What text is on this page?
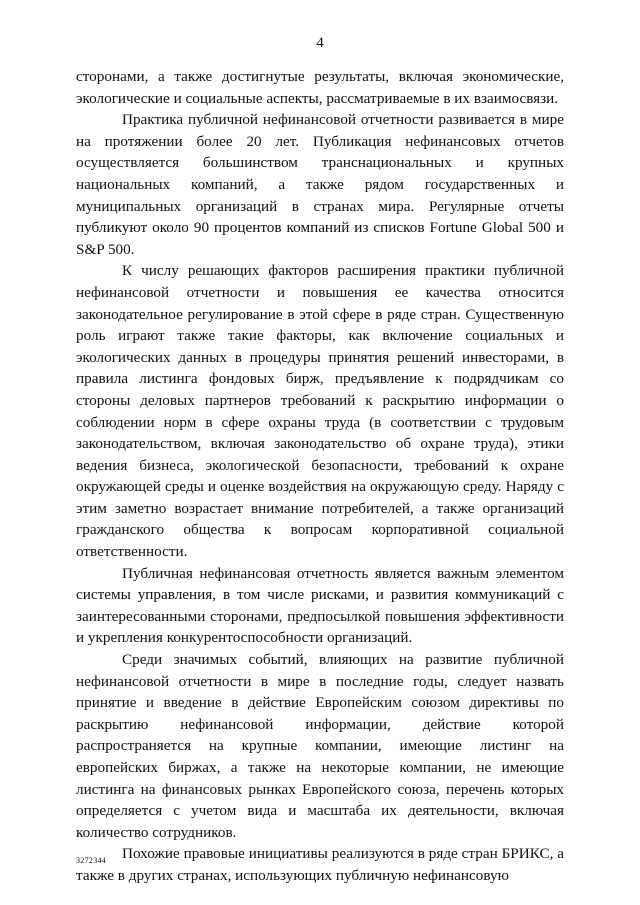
4

сторонами, а также достигнутые результаты, включая экономические, экологические и социальные аспекты, рассматриваемые в их взаимосвязи.

Практика публичной нефинансовой отчетности развивается в мире на протяжении более 20 лет. Публикация нефинансовых отчетов осуществляется большинством транснациональных и крупных национальных компаний, а также рядом государственных и муниципальных организаций в странах мира. Регулярные отчеты публикуют около 90 процентов компаний из списков Fortune Global 500 и S&P 500.

К числу решающих факторов расширения практики публичной нефинансовой отчетности и повышения ее качества относится законодательное регулирование в этой сфере в ряде стран. Существенную роль играют также такие факторы, как включение социальных и экологических данных в процедуры принятия решений инвесторами, в правила листинга фондовых бирж, предъявление к подрядчикам со стороны деловых партнеров требований к раскрытию информации о соблюдении норм в сфере охраны труда (в соответствии с трудовым законодательством, включая законодательство об охране труда), этики ведения бизнеса, экологической безопасности, требований к охране окружающей среды и оценке воздействия на окружающую среду. Наряду с этим заметно возрастает внимание потребителей, а также организаций гражданского общества к вопросам корпоративной социальной ответственности.

Публичная нефинансовая отчетность является важным элементом системы управления, в том числе рисками, и развития коммуникаций с заинтересованными сторонами, предпосылкой повышения эффективности и укрепления конкурентоспособности организаций.

Среди значимых событий, влияющих на развитие публичной нефинансовой отчетности в мире в последние годы, следует назвать принятие и введение в действие Европейским союзом директивы по раскрытию нефинансовой информации, действие которой распространяется на крупные компании, имеющие листинг на европейских биржах, а также на некоторые компании, не имеющие листинга на финансовых рынках Европейского союза, перечень которых определяется с учетом вида и масштаба их деятельности, включая количество сотрудников.

Похожие правовые инициативы реализуются в ряде стран БРИКС, а также в других странах, использующих публичную нефинансовую

3272344
